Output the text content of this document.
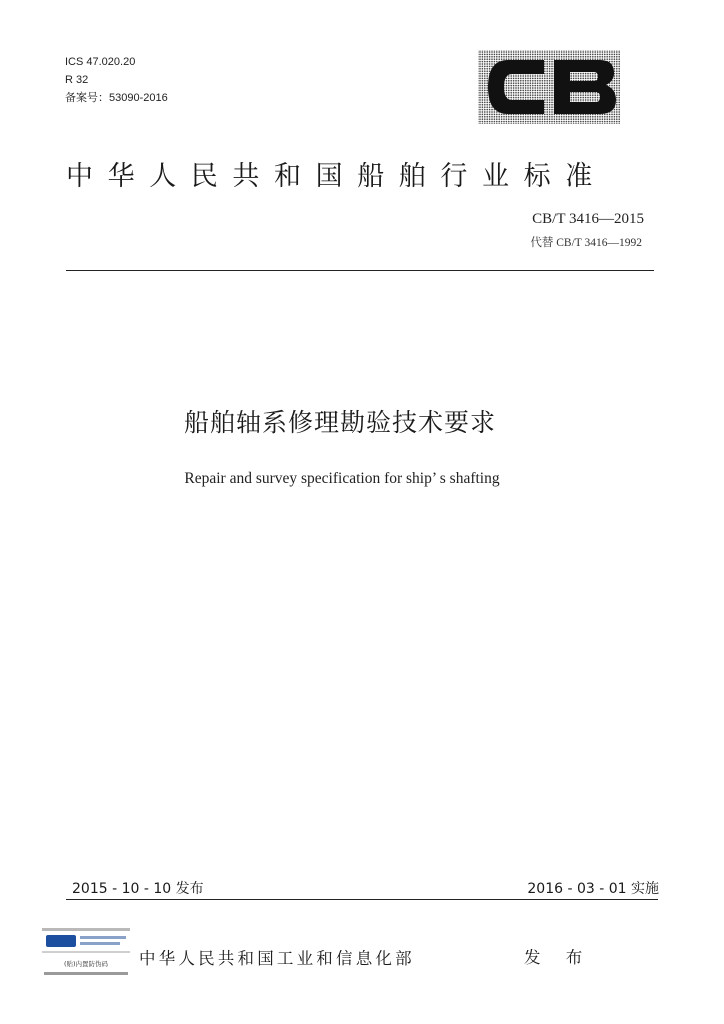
ICS 47.020.20
R 32
备案号：53090-2016
中华人民共和国船舶行业标准
CB/T 3416—2015
代替 CB/T 3416—1992
船舶轴系修理勘验技术要求
Repair and survey specification for ship’ s shafting
2015 - 10 - 10 发布	2016 - 03 - 01 实施
(贴)内置防伪码 中华人民共和国工业和信息化部	发 布
